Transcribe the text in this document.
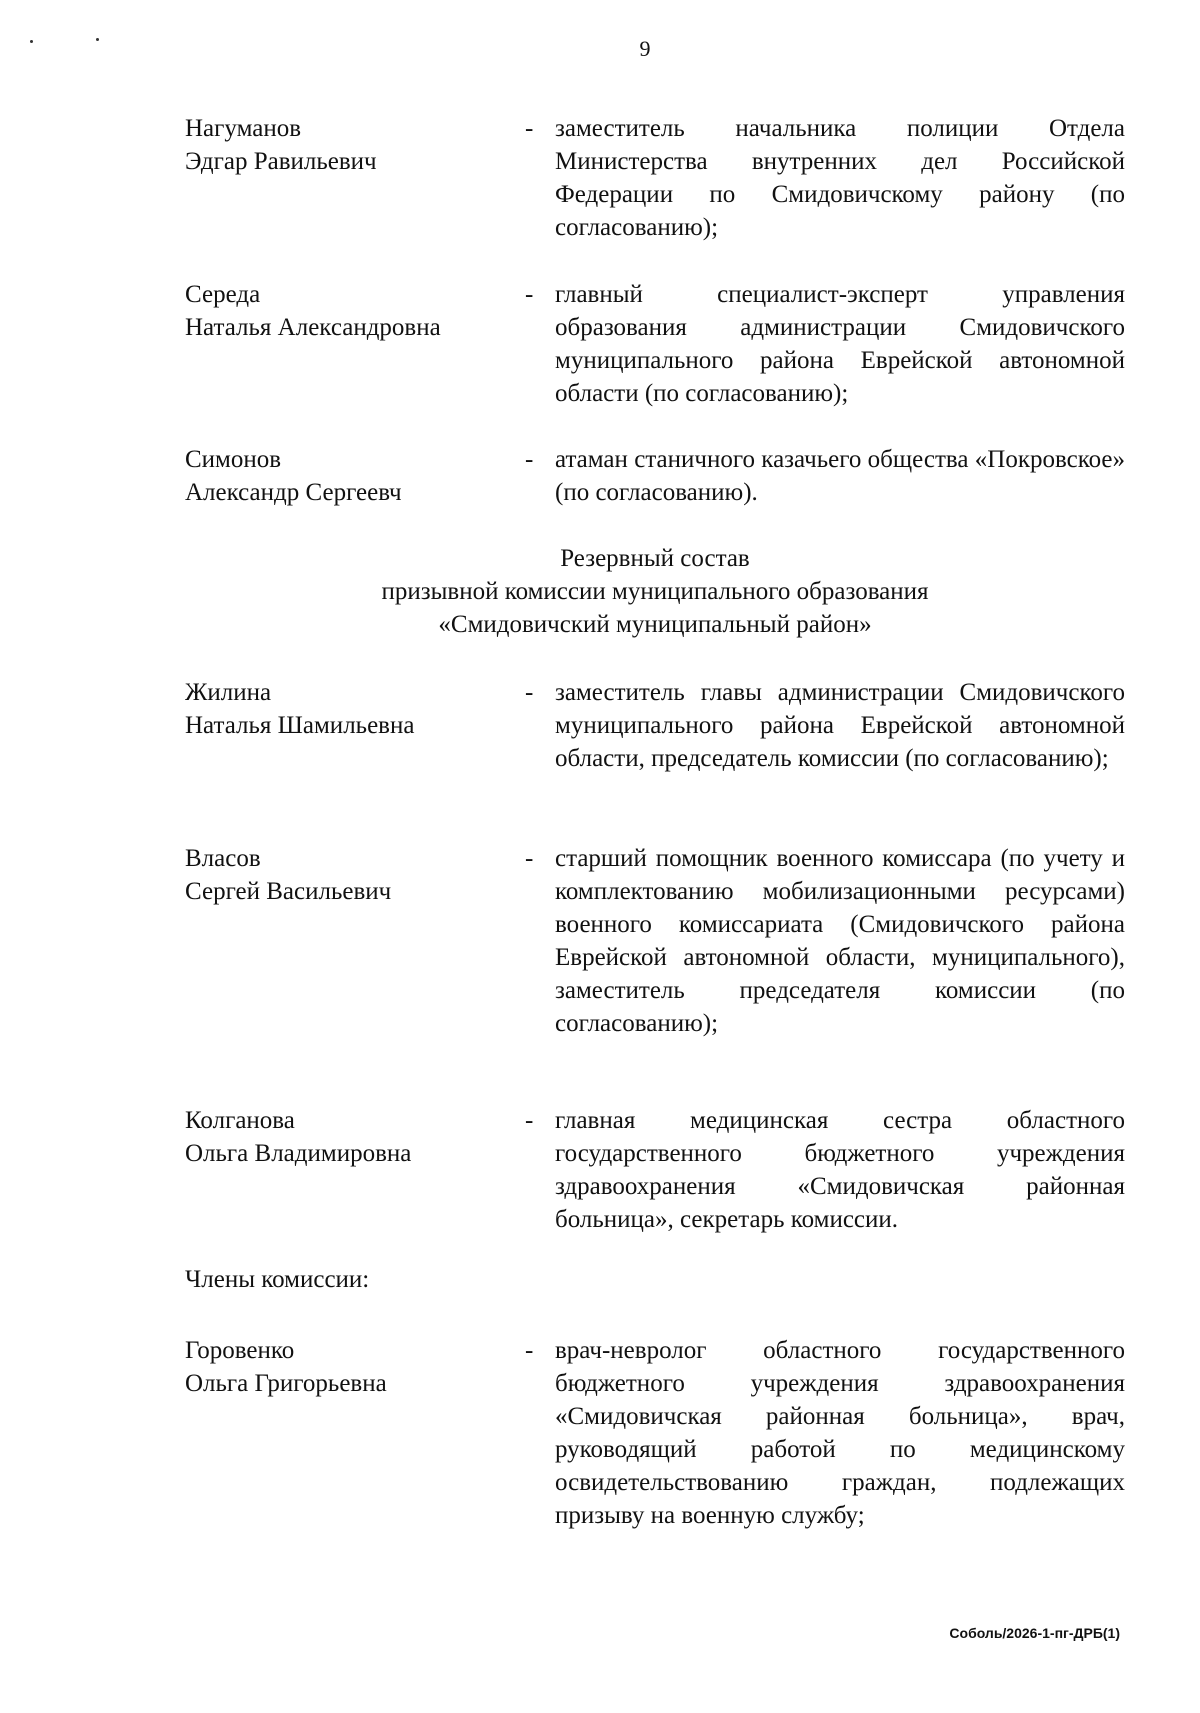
9
Нагуманов
Эдгар Равильевич
- заместитель начальника полиции Отдела Министерства внутренних дел Российской Федерации по Смидовичскому району (по согласованию);
Середа
Наталья Александровна
- главный специалист-эксперт управления образования администрации Смидовичского муниципального района Еврейской автономной области (по согласованию);
Симонов
Александр Сергеевч
- атаман станичного казачьего общества «Покровское» (по согласованию).
Резервный состав
призывной комиссии муниципального образования
«Смидовичский муниципальный район»
Жилина
Наталья Шамильевна
- заместитель главы администрации Смидовичского муниципального района Еврейской автономной области, председатель комиссии (по согласованию);
Власов
Сергей Васильевич
- старший помощник военного комиссара (по учету и комплектованию мобилизационными ресурсами) военного комиссариата (Смидовичского района Еврейской автономной области, муниципального), заместитель председателя комиссии (по согласованию);
Колганова
Ольга Владимировна
- главная медицинская сестра областного государственного бюджетного учреждения здравоохранения «Смидовичская районная больница», секретарь комиссии.
Члены комиссии:
Горовенко
Ольга Григорьевна
- врач-невролог областного государственного бюджетного учреждения здравоохранения «Смидовичская районная больница», врач, руководящий работой по медицинскому освидетельствованию граждан, подлежащих призыву на военную службу;
Соболь/2026-1-пг-ДРБ(1)
